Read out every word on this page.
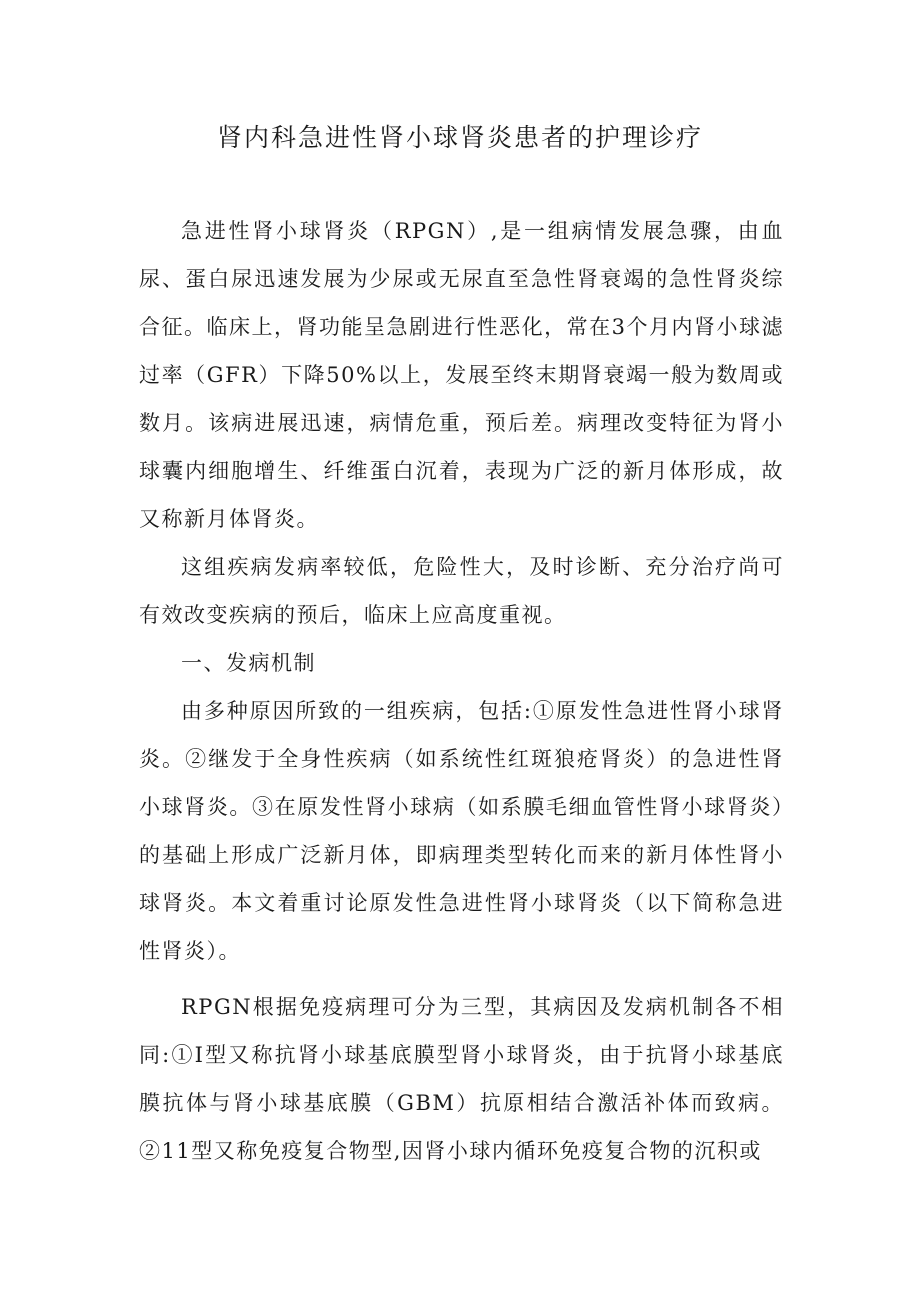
肾内科急进性肾小球肾炎患者的护理诊疗

急进性肾小球肾炎（RPGN）,是一组病情发展急骤，由血尿、蛋白尿迅速发展为少尿或无尿直至急性肾衰竭的急性肾炎综合征。临床上，肾功能呈急剧进行性恶化，常在3个月内肾小球滤过率（GFR）下降50%以上，发展至终末期肾衰竭一般为数周或数月。该病进展迅速，病情危重，预后差。病理改变特征为肾小球囊内细胞增生、纤维蛋白沉着，表现为广泛的新月体形成，故又称新月体肾炎。

这组疾病发病率较低，危险性大，及时诊断、充分治疗尚可有效改变疾病的预后，临床上应高度重视。

一、发病机制

由多种原因所致的一组疾病，包括:①原发性急进性肾小球肾炎。②继发于全身性疾病（如系统性红斑狼疮肾炎）的急进性肾小球肾炎。③在原发性肾小球病（如系膜毛细血管性肾小球肾炎）的基础上形成广泛新月体，即病理类型转化而来的新月体性肾小球肾炎。本文着重讨论原发性急进性肾小球肾炎（以下简称急进性肾炎）。

RPGN根据免疫病理可分为三型，其病因及发病机制各不相同:①I型又称抗肾小球基底膜型肾小球肾炎，由于抗肾小球基底膜抗体与肾小球基底膜（GBM）抗原相结合激活补体而致病。②11型又称免疫复合物型,因肾小球内循环免疫复合物的沉积或
